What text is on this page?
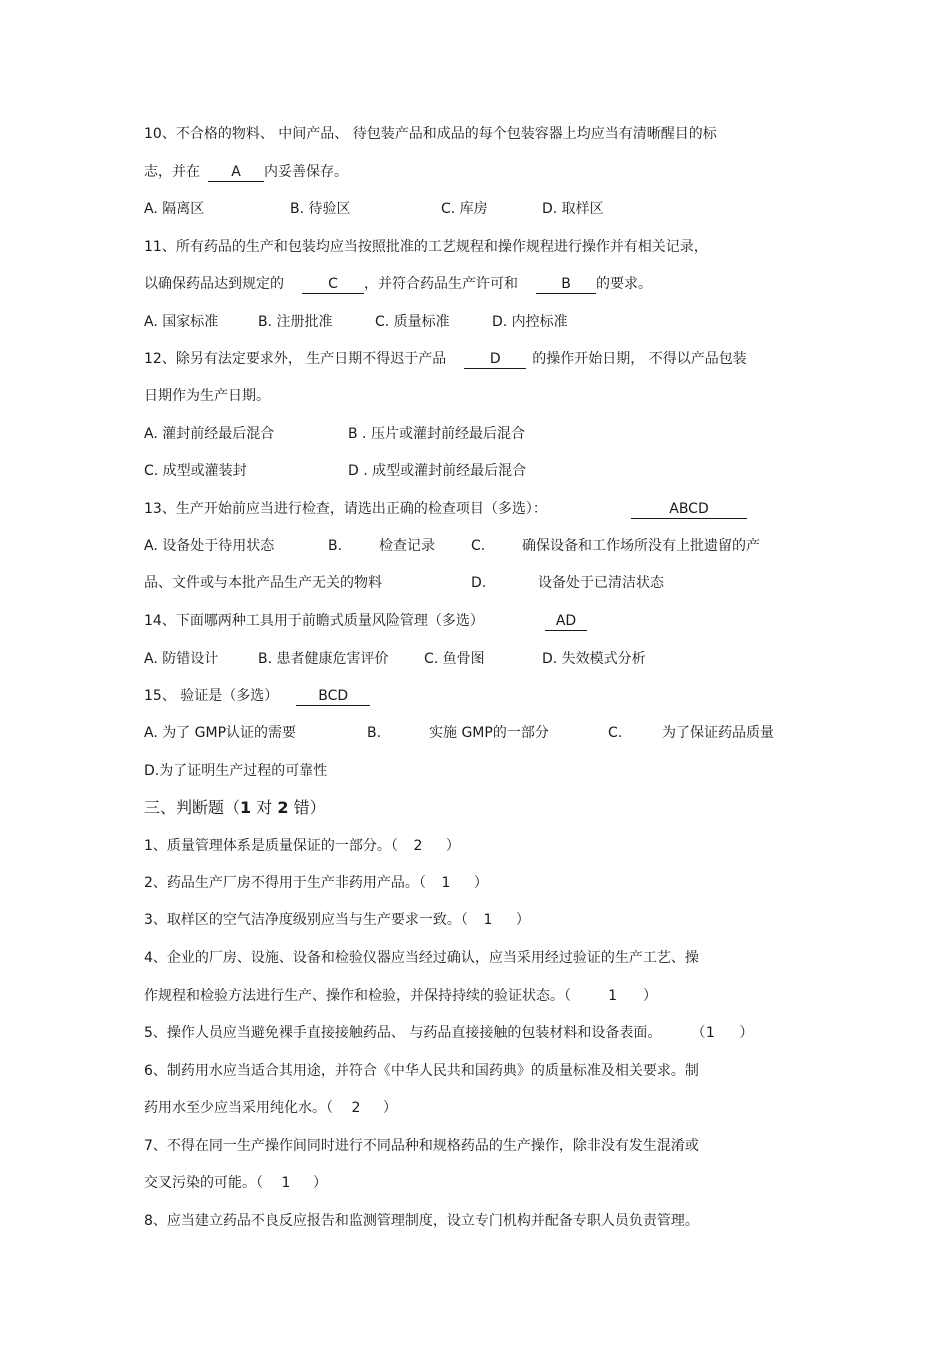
10、不合格的物料、 中间产品、 待包装产品和成品的每个包装容器上均应当有清晰醒目的标
志，并在 A 内妥善保存。
A. 隔离区	B. 待验区	C. 库房	D. 取样区
11、所有药品的生产和包装均应当按照批准的工艺规程和操作规程进行操作并有相关记录，
以确保药品达到规定的	C ，并符合药品生产许可和	B 的要求。
A. 国家标准	B. 注册批准	C. 质量标准	D. 内控标准
12、除另有法定要求外， 生产日期不得迟于产品	D 的操作开始日期， 不得以产品包装
日期作为生产日期。
A. 灌封前经最后混合	B . 压片或灌封前经最后混合
C. 成型或灌装封	D . 成型或灌封前经最后混合
13、生产开始前应当进行检查，请选出正确的检查项目（多选）：	ABCD
A. 设备处于待用状态	B.	检查记录	C.	确保设备和工作场所没有上批遗留的产
品、文件或与本批产品生产无关的物料	D.	设备处于已清洁状态
14、下面哪两种工具用于前瞻式质量风险管理（多选）	AD
A. 防错设计	B. 患者健康危害评价	C. 鱼骨图	D. 失效模式分析
15、 验证是（多选）	BCD
A. 为了 GMP认证的需要	B.	实施 GMP的一部分	C.	为了保证药品质量
D.为了证明生产过程的可靠性
三、判断题（1 对 2 错）
1、质量管理体系是质量保证的一部分。（ 2 ）
2、药品生产厂房不得用于生产非药用产品。（ 1 ）
3、取样区的空气洁净度级别应当与生产要求一致。（ 1 ）
4、企业的厂房、设施、设备和检验仪器应当经过确认，应当采用经过验证的生产工艺、操
作规程和检验方法进行生产、操作和检验，并保持持续的验证状态。（	1 ）
5、操作人员应当避免裸手直接接触药品、 与药品直接接触的包装材料和设备表面。 （1 ）
6、制药用水应当适合其用途，并符合《中华人民共和国药典》的质量标准及相关要求。制
药用水至少应当采用纯化水。（ 2 ）
7、不得在同一生产操作间同时进行不同品种和规格药品的生产操作，除非没有发生混淆或
交叉污染的可能。（ 1 ）
8、应当建立药品不良反应报告和监测管理制度，设立专门机构并配备专职人员负责管理。
